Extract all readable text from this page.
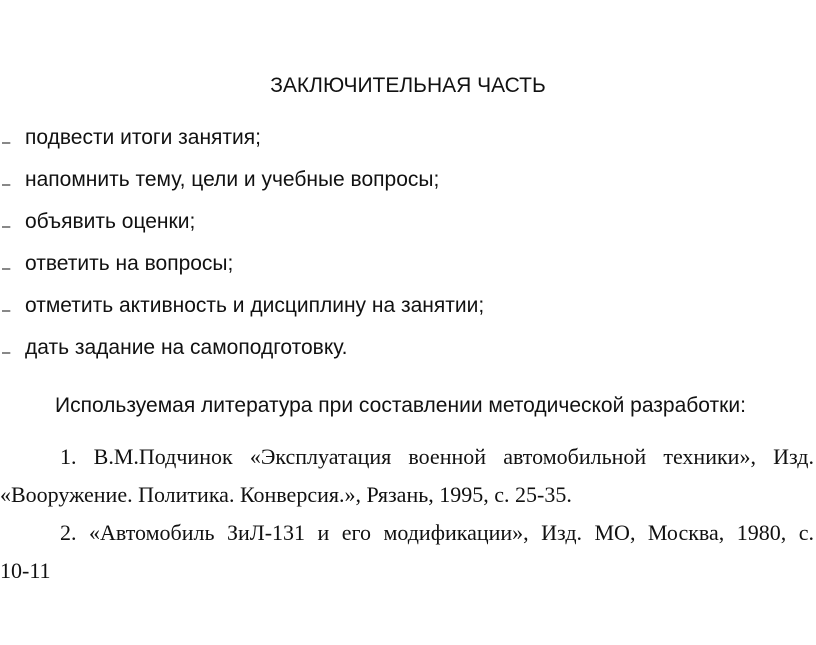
ЗАКЛЮЧИТЕЛЬНАЯ ЧАСТЬ
– подвести итоги занятия;
– напомнить тему, цели и учебные вопросы;
– объявить оценки;
– ответить на вопросы;
– отметить активность и дисциплину на занятии;
– дать задание на самоподготовку.
Используемая литература при составлении методической разработки:
1. В.М.Подчинок «Эксплуатация военной автомобильной техники», Изд.
«Вооружение. Политика. Конверсия.», Рязань, 1995, с. 25-35.
2. «Автомобиль ЗиЛ-131 и его модификации», Изд. МО, Москва, 1980, с.
10-11
